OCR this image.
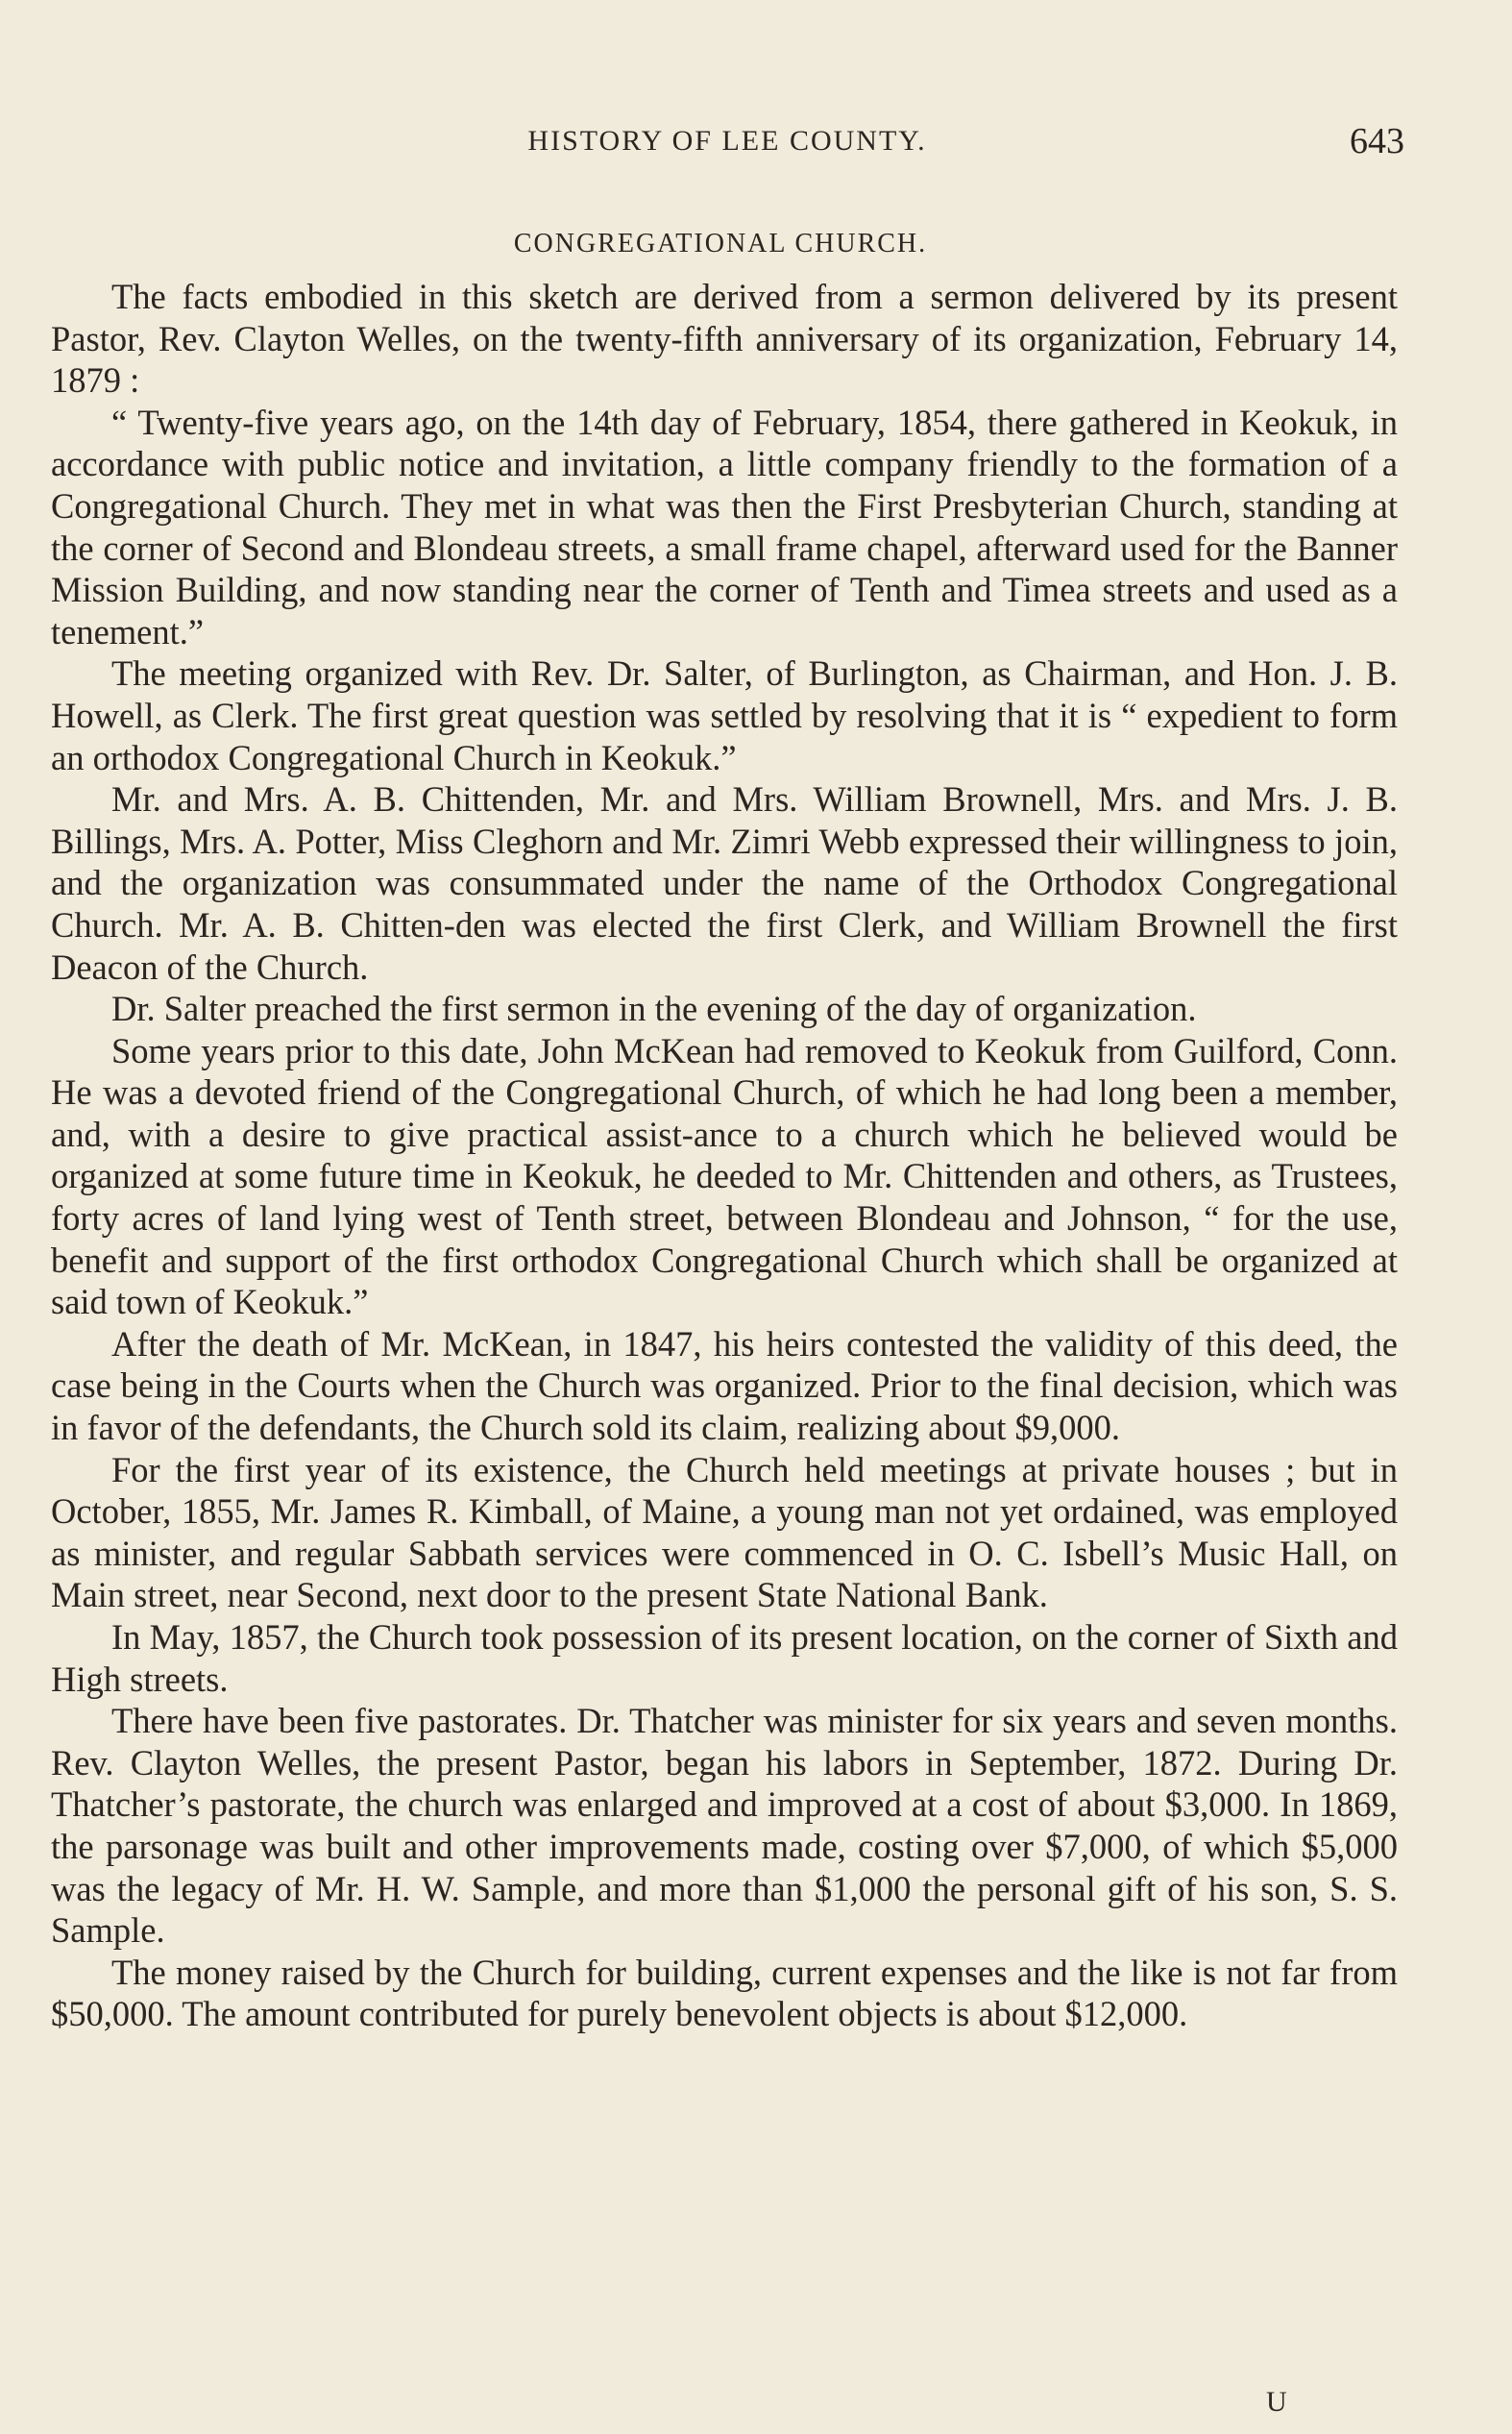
HISTORY OF LEE COUNTY.	643
CONGREGATIONAL CHURCH.

The facts embodied in this sketch are derived from a sermon delivered by its present Pastor, Rev. Clayton Welles, on the twenty-fifth anniversary of its organization, February 14, 1879 :

“ Twenty-five years ago, on the 14th day of February, 1854, there gathered in Keokuk, in accordance with public notice and invitation, a little company friendly to the formation of a Congregational Church. They met in what was then the First Presbyterian Church, standing at the corner of Second and Blondeau streets, a small frame chapel, afterward used for the Banner Mission Building, and now standing near the corner of Tenth and Timea streets and used as a tenement.”

The meeting organized with Rev. Dr. Salter, of Burlington, as Chairman, and Hon. J. B. Howell, as Clerk. The first great question was settled by resolving that it is “ expedient to form an orthodox Congregational Church in Keokuk.”

Mr. and Mrs. A. B. Chittenden, Mr. and Mrs. William Brownell, Mrs. and Mrs. J. B. Billings, Mrs. A. Potter, Miss Cleghorn and Mr. Zimri Webb expressed their willingness to join, and the organization was consummated under the name of the Orthodox Congregational Church. Mr. A. B. Chitten-den was elected the first Clerk, and William Brownell the first Deacon of the Church.

Dr. Salter preached the first sermon in the evening of the day of organization.

Some years prior to this date, John McKean had removed to Keokuk from Guilford, Conn. He was a devoted friend of the Congregational Church, of which he had long been a member, and, with a desire to give practical assist-ance to a church which he believed would be organized at some future time in Keokuk, he deeded to Mr. Chittenden and others, as Trustees, forty acres of land lying west of Tenth street, between Blondeau and Johnson, “ for the use, benefit and support of the first orthodox Congregational Church which shall be organized at said town of Keokuk.”

After the death of Mr. McKean, in 1847, his heirs contested the validity of this deed, the case being in the Courts when the Church was organized. Prior to the final decision, which was in favor of the defendants, the Church sold its claim, realizing about $9,000.

For the first year of its existence, the Church held meetings at private houses ; but in October, 1855, Mr. James R. Kimball, of Maine, a young man not yet ordained, was employed as minister, and regular Sabbath services were commenced in O. C. Isbell’s Music Hall, on Main street, near Second, next door to the present State National Bank.

In May, 1857, the Church took possession of its present location, on the corner of Sixth and High streets.

There have been five pastorates. Dr. Thatcher was minister for six years and seven months. Rev. Clayton Welles, the present Pastor, began his labors in September, 1872. During Dr. Thatcher’s pastorate, the church was enlarged and improved at a cost of about $3,000. In 1869, the parsonage was built and other improvements made, costing over $7,000, of which $5,000 was the legacy of Mr. H. W. Sample, and more than $1,000 the personal gift of his son, S. S. Sample.

The money raised by the Church for building, current expenses and the like is not far from $50,000. The amount contributed for purely benevolent objects is about $12,000.

U
